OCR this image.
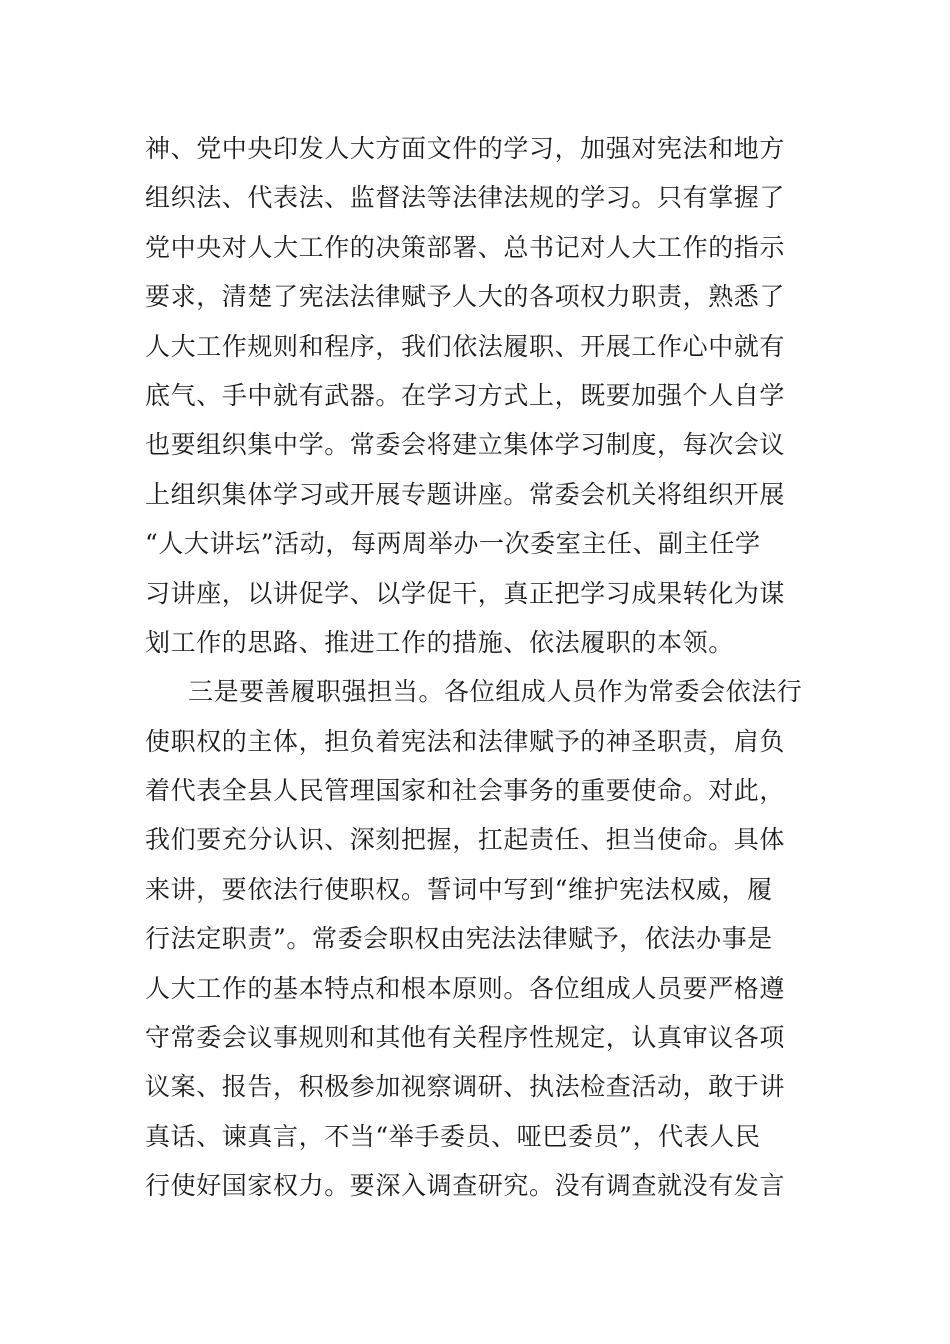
神、党中央印发人大方面文件的学习，加强对宪法和地方
组织法、代表法、监督法等法律法规的学习。只有掌握了
党中央对人大工作的决策部署、总书记对人大工作的指示
要求，清楚了宪法法律赋予人大的各项权力职责，熟悉了
人大工作规则和程序，我们依法履职、开展工作心中就有
底气、手中就有武器。在学习方式上，既要加强个人自学
也要组织集中学。常委会将建立集体学习制度，每次会议
上组织集体学习或开展专题讲座。常委会机关将组织开展
“人大讲坛”活动，每两周举办一次委室主任、副主任学
习讲座，以讲促学、以学促干，真正把学习成果转化为谋
划工作的思路、推进工作的措施、依法履职的本领。
三是要善履职强担当。各位组成人员作为常委会依法行
使职权的主体，担负着宪法和法律赋予的神圣职责，肩负
着代表全县人民管理国家和社会事务的重要使命。对此，
我们要充分认识、深刻把握，扛起责任、担当使命。具体
来讲，要依法行使职权。誓词中写到“维护宪法权威，履
行法定职责”。常委会职权由宪法法律赋予，依法办事是
人大工作的基本特点和根本原则。各位组成人员要严格遵
守常委会议事规则和其他有关程序性规定，认真审议各项
议案、报告，积极参加视察调研、执法检查活动，敢于讲
真话、谏真言，不当“举手委员、哑巴委员”，代表人民
行使好国家权力。要深入调查研究。没有调查就没有发言
